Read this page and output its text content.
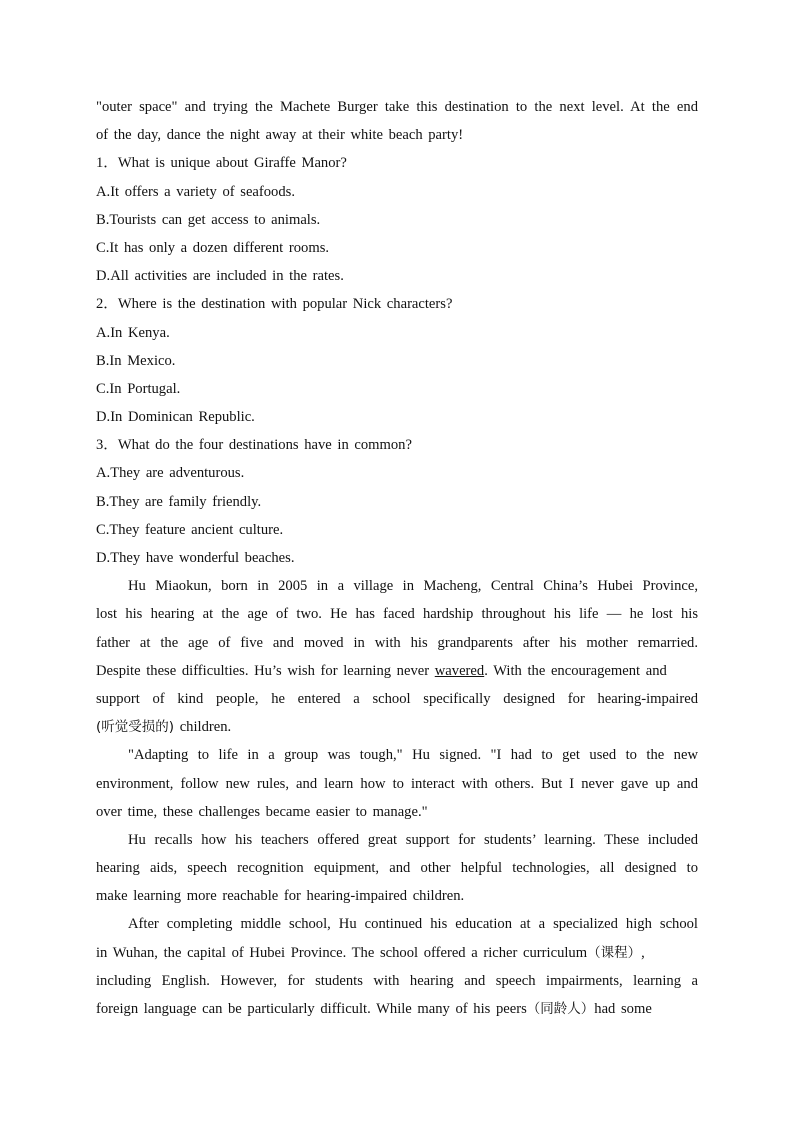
"outer space" and trying the Machete Burger take this destination to the next level. At the end
of the day, dance the night away at their white beach party!
1．What is unique about Giraffe Manor?
A.It offers a variety of seafoods.
B.Tourists can get access to animals.
C.It has only a dozen different rooms.
D.All activities are included in the rates.
2．Where is the destination with popular Nick characters?
A.In Kenya.
B.In Mexico.
C.In Portugal.
D.In Dominican Republic.
3．What do the four destinations have in common?
A.They are adventurous.
B.They are family friendly.
C.They feature ancient culture.
D.They have wonderful beaches.
Hu Miaokun, born in 2005 in a village in Macheng, Central China’s Hubei Province,
lost his hearing at the age of two. He has faced hardship throughout his life — he lost his
father at the age of five and moved in with his grandparents after his mother remarried.
Despite these difficulties. Hu’s wish for learning never wavered. With the encouragement and
support of kind people, he entered a school specifically designed for hearing-impaired
(听觉受损的) children.
"Adapting to life in a group was tough," Hu signed. "I had to get used to the new
environment, follow new rules, and learn how to interact with others. But I never gave up and
over time, these challenges became easier to manage."
Hu recalls how his teachers offered great support for students’ learning. These included
hearing aids, speech recognition equipment, and other helpful technologies, all designed to
make learning more reachable for hearing-impaired children.
After completing middle school, Hu continued his education at a specialized high school
in Wuhan, the capital of Hubei Province. The school offered a richer curriculum（课程）,
including English. However, for students with hearing and speech impairments, learning a
foreign language can be particularly difficult. While many of his peers（同龄人）had some
